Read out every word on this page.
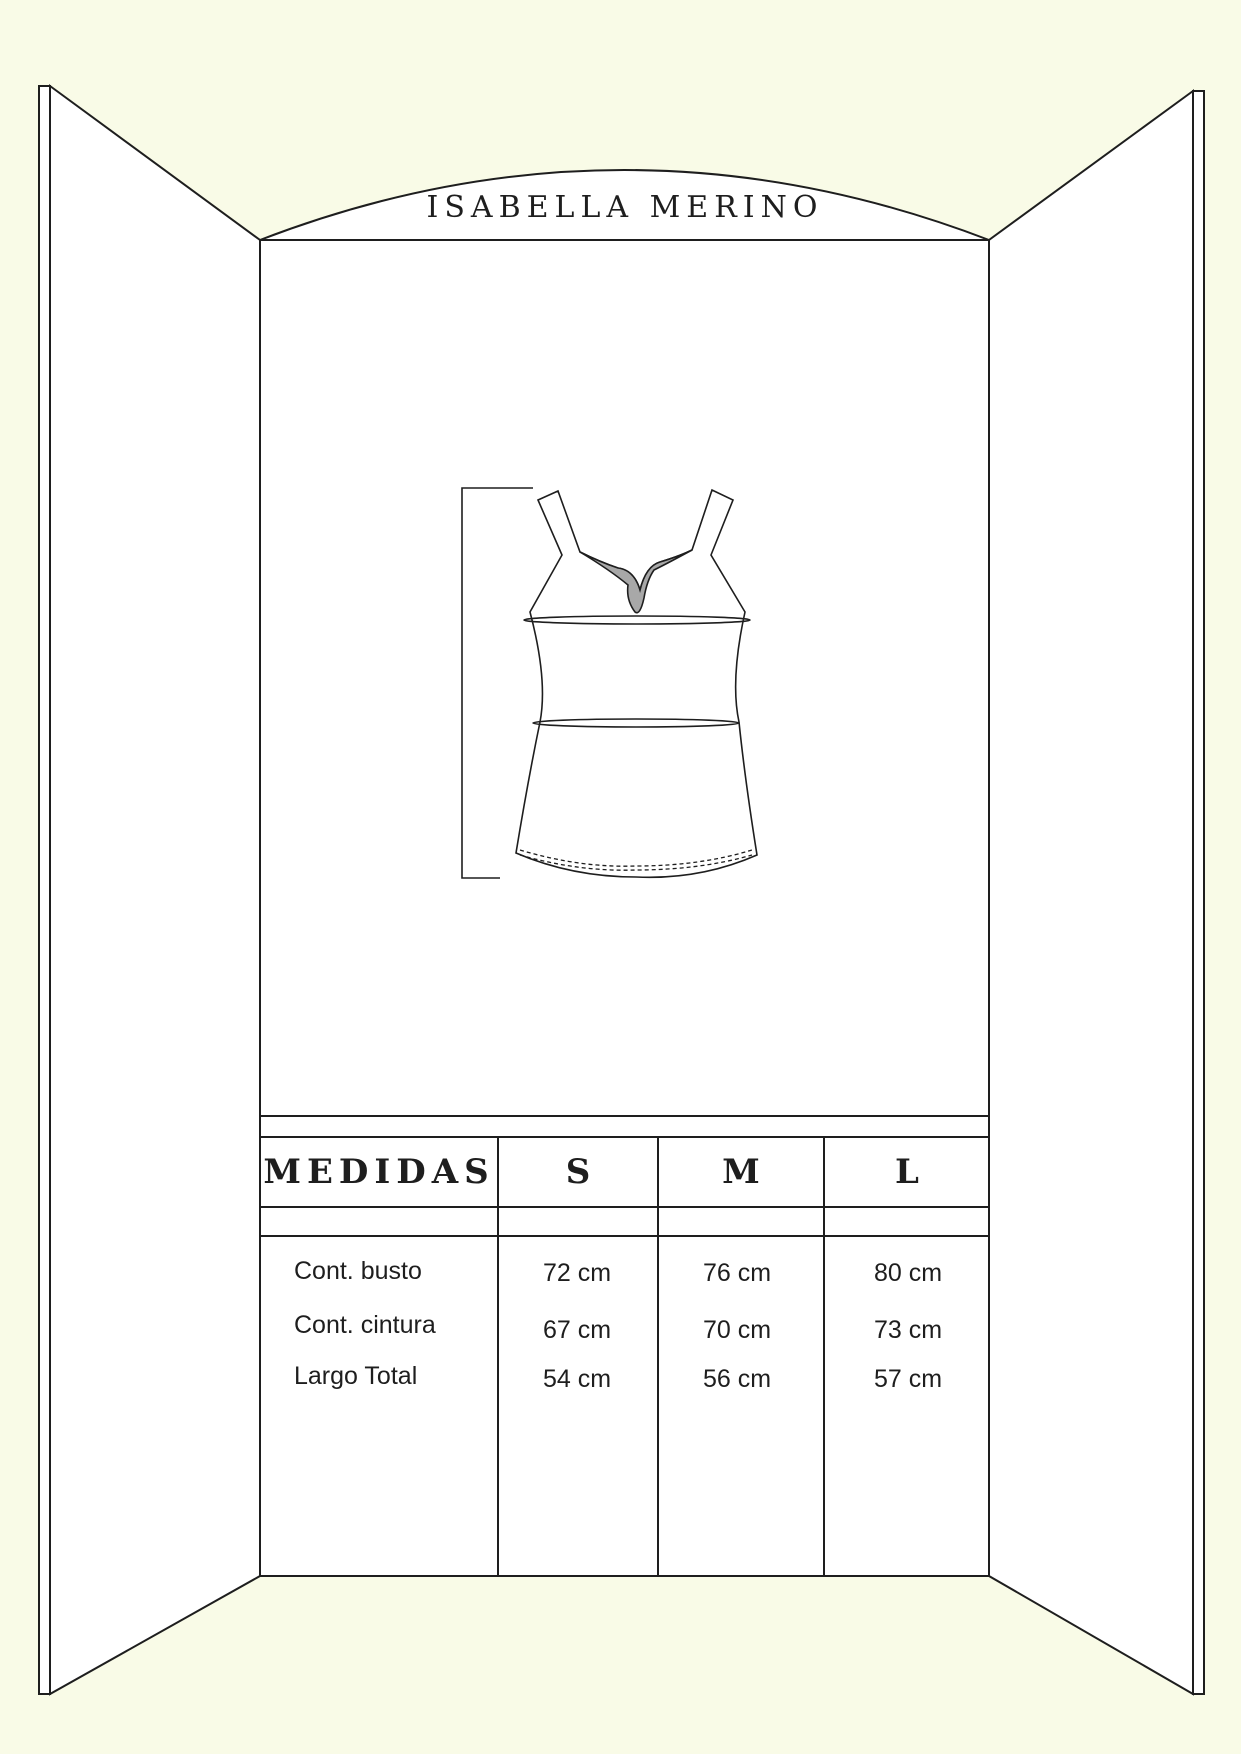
ISABELLA MERINO
MEDIDAS	S	M	L
Cont. busto	72 cm	76 cm	80 cm
Cont. cintura	67 cm	70 cm	73 cm
Largo Total	54 cm	56 cm	57 cm
